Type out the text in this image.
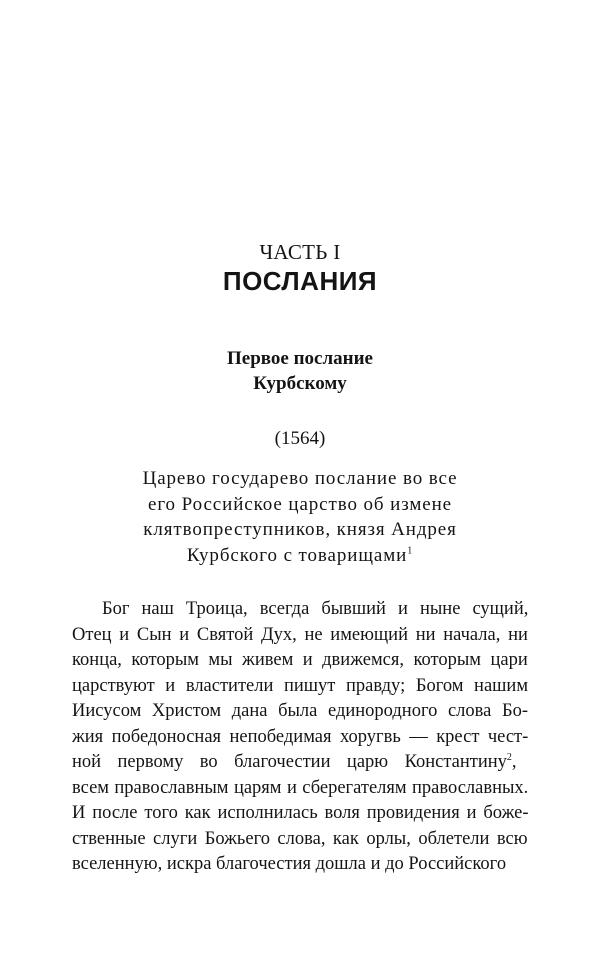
ЧАСТЬ I
ПОСЛАНИЯ
Первое послание
Курбскому
(1564)
Царево государево послание во все
его Российское царство об измене
клятвопреступников, князя Андрея
Курбского с товарищами$^1$
Бог наш Троица, всегда бывший и ныне сущий,
Отец и Сын и Святой Дух, не имеющий ни начала, ни
конца, которым мы живем и движемся, которым цари
царствуют и властители пишут правду; Богом нашим
Иисусом Христом дана была единородного слова Бо-
жия победоносная непобедимая хоругвь — крест чест-
ной первому во благочестии царю Константину$^2$,
всем православным царям и сберегателям православных.
И после того как исполнилась воля провидения и боже-
ственные слуги Божьего слова, как орлы, облетели всю
вселенную, искра благочестия дошла и до Российского
